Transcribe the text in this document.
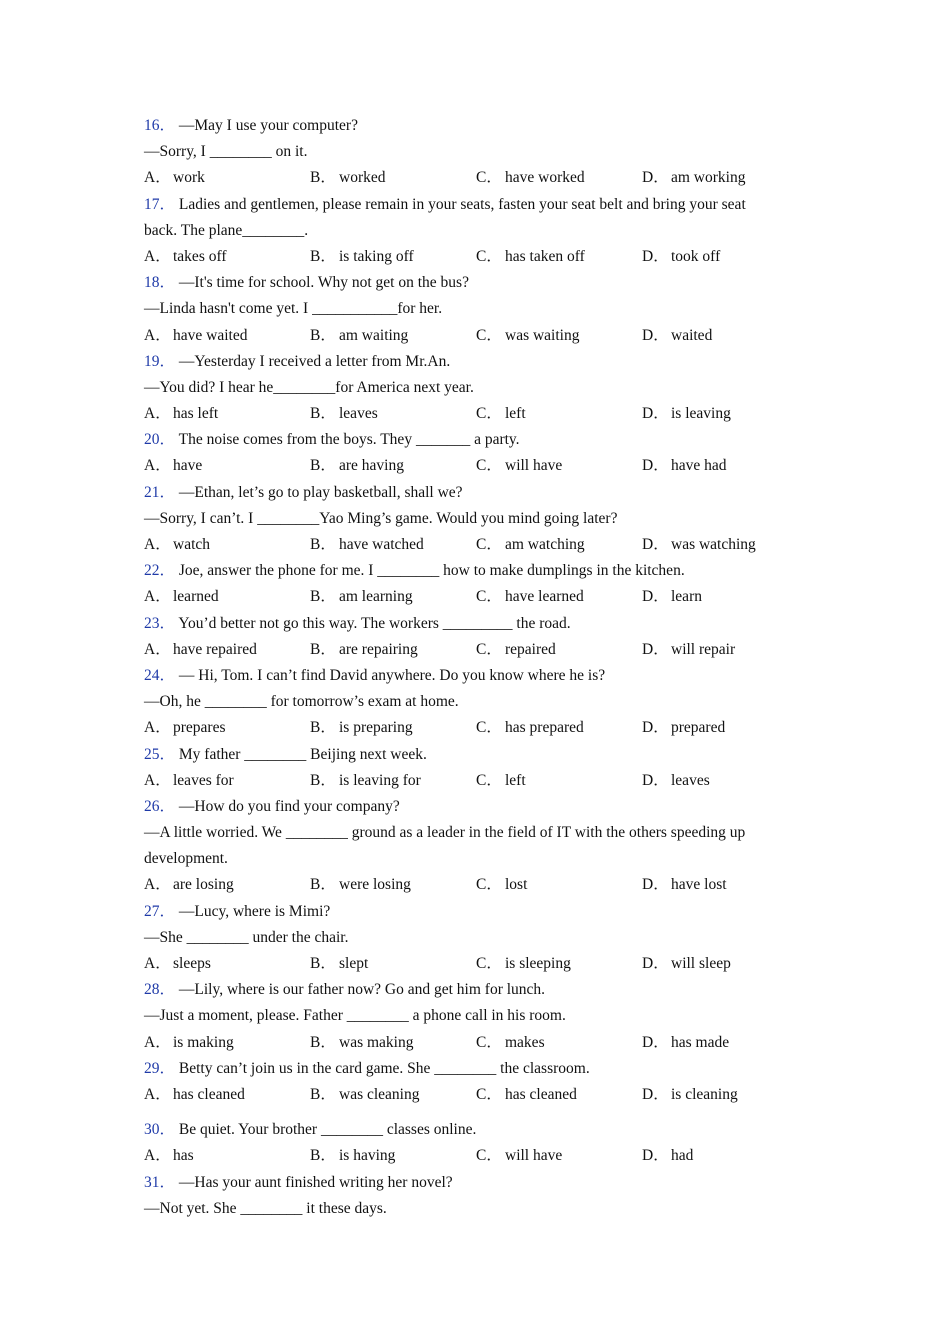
16． —May I use your computer?
—Sorry, I ________ on it.
A． work	B． worked	C． have worked	D． am working
17． Ladies and gentlemen, please remain in your seats, fasten your seat belt and bring your seat
back. The plane________.
A． takes off	B． is taking off	C． has taken off	D． took off
18． —It's time for school. Why not get on the bus?
—Linda hasn't come yet. I ___________for her.
A． have waited	B． am waiting	C． was waiting	D． waited
19． —Yesterday I received a letter from Mr.An.
—You did? I hear he________for America next year.
A． has left	B． leaves	C． left	D． is leaving
20． The noise comes from the boys. They _______ a party.
A． have	B． are having	C． will have	D． have had
21． —Ethan, let’s go to play basketball, shall we?
—Sorry, I can’t. I ________Yao Ming’s game. Would you mind going later?
A． watch	B． have watched	C． am watching	D． was watching
22． Joe, answer the phone for me. I ________ how to make dumplings in the kitchen.
A． learned	B． am learning	C． have learned	D． learn
23． You’d better not go this way. The workers _________ the road.
A． have repaired	B． are repairing	C． repaired	D． will repair
24． — Hi, Tom. I can’t find David anywhere. Do you know where he is?
—Oh, he ________ for tomorrow’s exam at home.
A． prepares	B． is preparing	C． has prepared	D． prepared
25． My father ________ Beijing next week.
A． leaves for	B． is leaving for	C． left	D． leaves
26． —How do you find your company?
—A little worried. We ________ ground as a leader in the field of IT with the others speeding up
development.
A． are losing	B． were losing	C． lost	D． have lost
27． —Lucy, where is Mimi?
—She ________ under the chair.
A． sleeps	B． slept	C． is sleeping	D． will sleep
28． —Lily, where is our father now? Go and get him for lunch.
—Just a moment, please. Father ________ a phone call in his room.
A． is making	B． was making	C． makes	D． has made
29． Betty can’t join us in the card game. She ________ the classroom.
A． has cleaned	B． was cleaning	C． has cleaned	D． is cleaning
30． Be quiet. Your brother ________ classes online.
A． has	B． is having	C． will have	D． had
31． —Has your aunt finished writing her novel?
—Not yet. She ________ it these days.
